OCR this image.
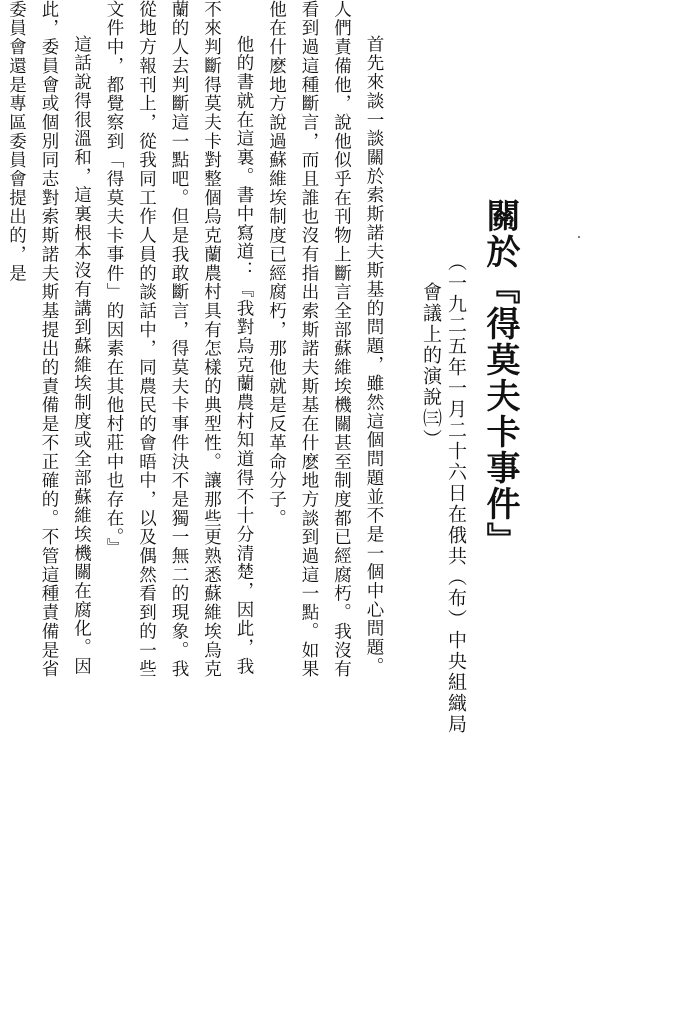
關於『得莫夫卡事件』
（一九二五年一月二十六日在俄共（布）中央組織局
會議上的演說㈢）

首先來談一談關於索斯諾夫斯基的問題，雖然這個問題並不是一個中心問題。人們責備他，說他似乎在刊物上斷言全部蘇維埃機關甚至制度都已經腐朽。我沒有看到過這種斷言，而且誰也沒有指出索斯諾夫斯基在什麽地方談到過這一點。如果他在什麽地方說過蘇維埃制度已經腐朽，那他就是反革命分子。

他的書就在這裏。書中寫道：『我對烏克蘭農村知道得不十分清楚，因此，我不來判斷得莫夫卡對整個烏克蘭農村具有怎樣的典型性。讓那些更熟悉蘇維埃烏克蘭的人去判斷這一點吧。但是我敢斷言，得莫夫卡事件決不是獨一無二的現象。我從地方報刊上，從我同工作人員的談話中，同農民的會晤中，以及偶然看到的一些文件中，都覺察到「得莫夫卡事件」的因素在其他村莊中也存在。』

這話說得很溫和，這裏根本沒有講到蘇維埃制度或全部蘇維埃機關在腐化。因此，委員會或個別同志對索斯諾夫斯基提出的責備是不正確的。不管這種責備是省委員會還是專區委員會提出的，是
